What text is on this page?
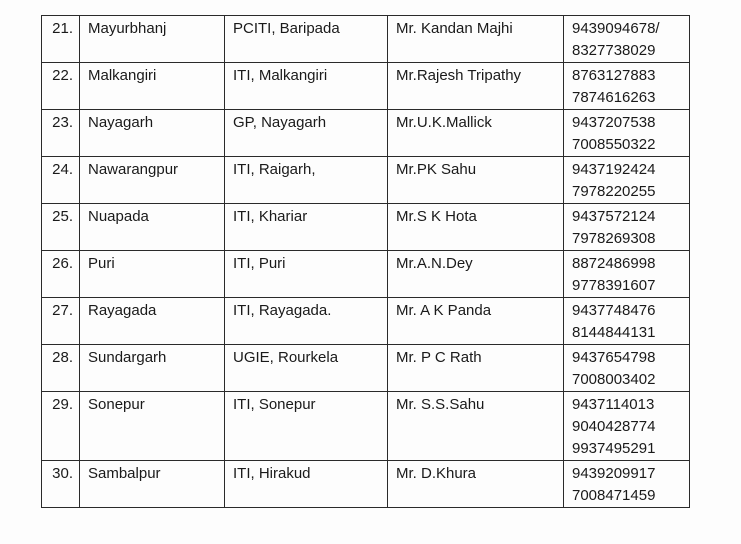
21.	Mayurbhanj	PCITI, Baripada	Mr. Kandan Majhi	9439094678/
8327738029

22.	Malkangiri	ITI, Malkangiri	Mr.Rajesh Tripathy	8763127883
7874616263

23.	Nayagarh	GP, Nayagarh	Mr.U.K.Mallick	9437207538
7008550322

24.	Nawarangpur	ITI, Raigarh,	Mr.PK Sahu	9437192424
7978220255

25.	Nuapada	ITI, Khariar	Mr.S K Hota	9437572124
7978269308

26.	Puri	ITI, Puri	Mr.A.N.Dey	8872486998
9778391607

27.	Rayagada	ITI, Rayagada.	Mr. A K Panda	9437748476
8144844131

28.	Sundargarh	UGIE, Rourkela	Mr. P C Rath	9437654798
7008003402

29.	Sonepur	ITI, Sonepur	Mr. S.S.Sahu	9437114013
9040428774
9937495291

30.	Sambalpur	ITI, Hirakud	Mr. D.Khura	9439209917
7008471459
